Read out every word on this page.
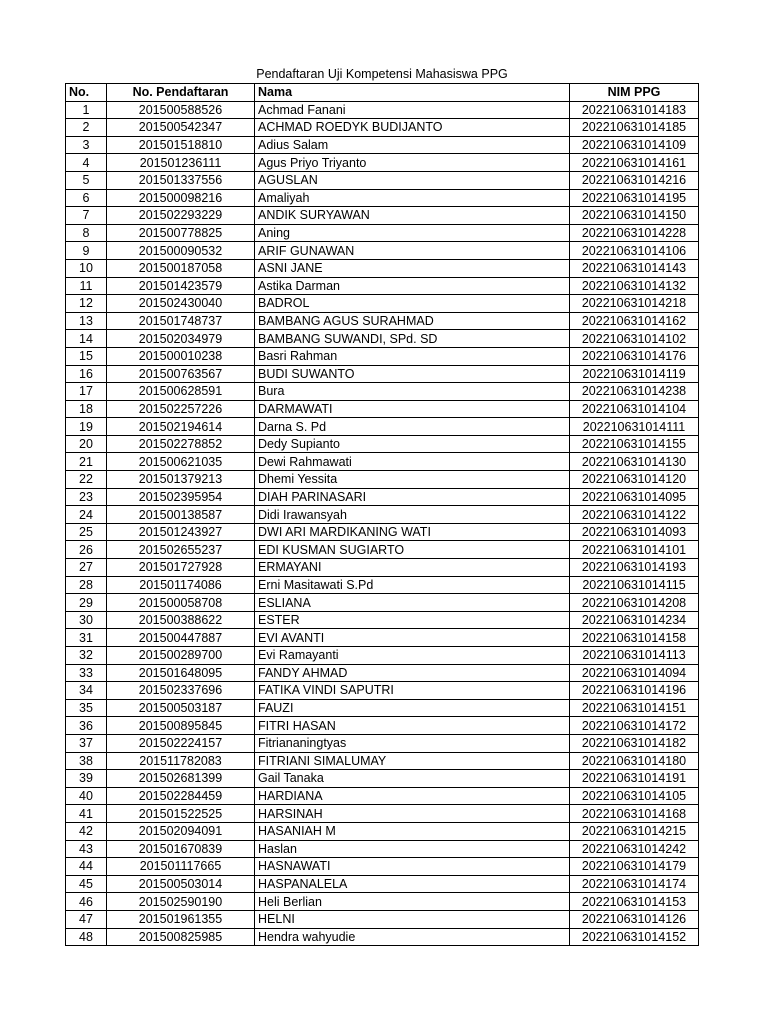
Pendaftaran Uji Kompetensi Mahasiswa PPG
No.	No. Pendaftaran	Nama	NIM PPG
1	201500588526	Achmad Fanani	202210631014183
2	201500542347	ACHMAD ROEDYK BUDIJANTO	202210631014185
3	201501518810	Adius Salam	202210631014109
4	201501236111	Agus Priyo Triyanto	202210631014161
5	201501337556	AGUSLAN	202210631014216
6	201500098216	Amaliyah	202210631014195
7	201502293229	ANDIK SURYAWAN	202210631014150
8	201500778825	Aning	202210631014228
9	201500090532	ARIF GUNAWAN	202210631014106
10	201500187058	ASNI JANE	202210631014143
11	201501423579	Astika Darman	202210631014132
12	201502430040	BADROL	202210631014218
13	201501748737	BAMBANG AGUS SURAHMAD	202210631014162
14	201502034979	BAMBANG SUWANDI, SPd. SD	202210631014102
15	201500010238	Basri Rahman	202210631014176
16	201500763567	BUDI SUWANTO	202210631014119
17	201500628591	Bura	202210631014238
18	201502257226	DARMAWATI	202210631014104
19	201502194614	Darna S. Pd	202210631014111
20	201502278852	Dedy Supianto	202210631014155
21	201500621035	Dewi Rahmawati	202210631014130
22	201501379213	Dhemi Yessita	202210631014120
23	201502395954	DIAH PARINASARI	202210631014095
24	201500138587	Didi Irawansyah	202210631014122
25	201501243927	DWI ARI MARDIKANING WATI	202210631014093
26	201502655237	EDI KUSMAN SUGIARTO	202210631014101
27	201501727928	ERMAYANI	202210631014193
28	201501174086	Erni Masitawati S.Pd	202210631014115
29	201500058708	ESLIANA	202210631014208
30	201500388622	ESTER	202210631014234
31	201500447887	EVI AVANTI	202210631014158
32	201500289700	Evi Ramayanti	202210631014113
33	201501648095	FANDY AHMAD	202210631014094
34	201502337696	FATIKA VINDI SAPUTRI	202210631014196
35	201500503187	FAUZI	202210631014151
36	201500895845	FITRI HASAN	202210631014172
37	201502224157	Fitriananingtyas	202210631014182
38	201511782083	FITRIANI SIMALUMAY	202210631014180
39	201502681399	Gail Tanaka	202210631014191
40	201502284459	HARDIANA	202210631014105
41	201501522525	HARSINAH	202210631014168
42	201502094091	HASANIAH M	202210631014215
43	201501670839	Haslan	202210631014242
44	201501117665	HASNAWATI	202210631014179
45	201500503014	HASPANALELA	202210631014174
46	201502590190	Heli Berlian	202210631014153
47	201501961355	HELNI	202210631014126
48	201500825985	Hendra wahyudie	202210631014152
